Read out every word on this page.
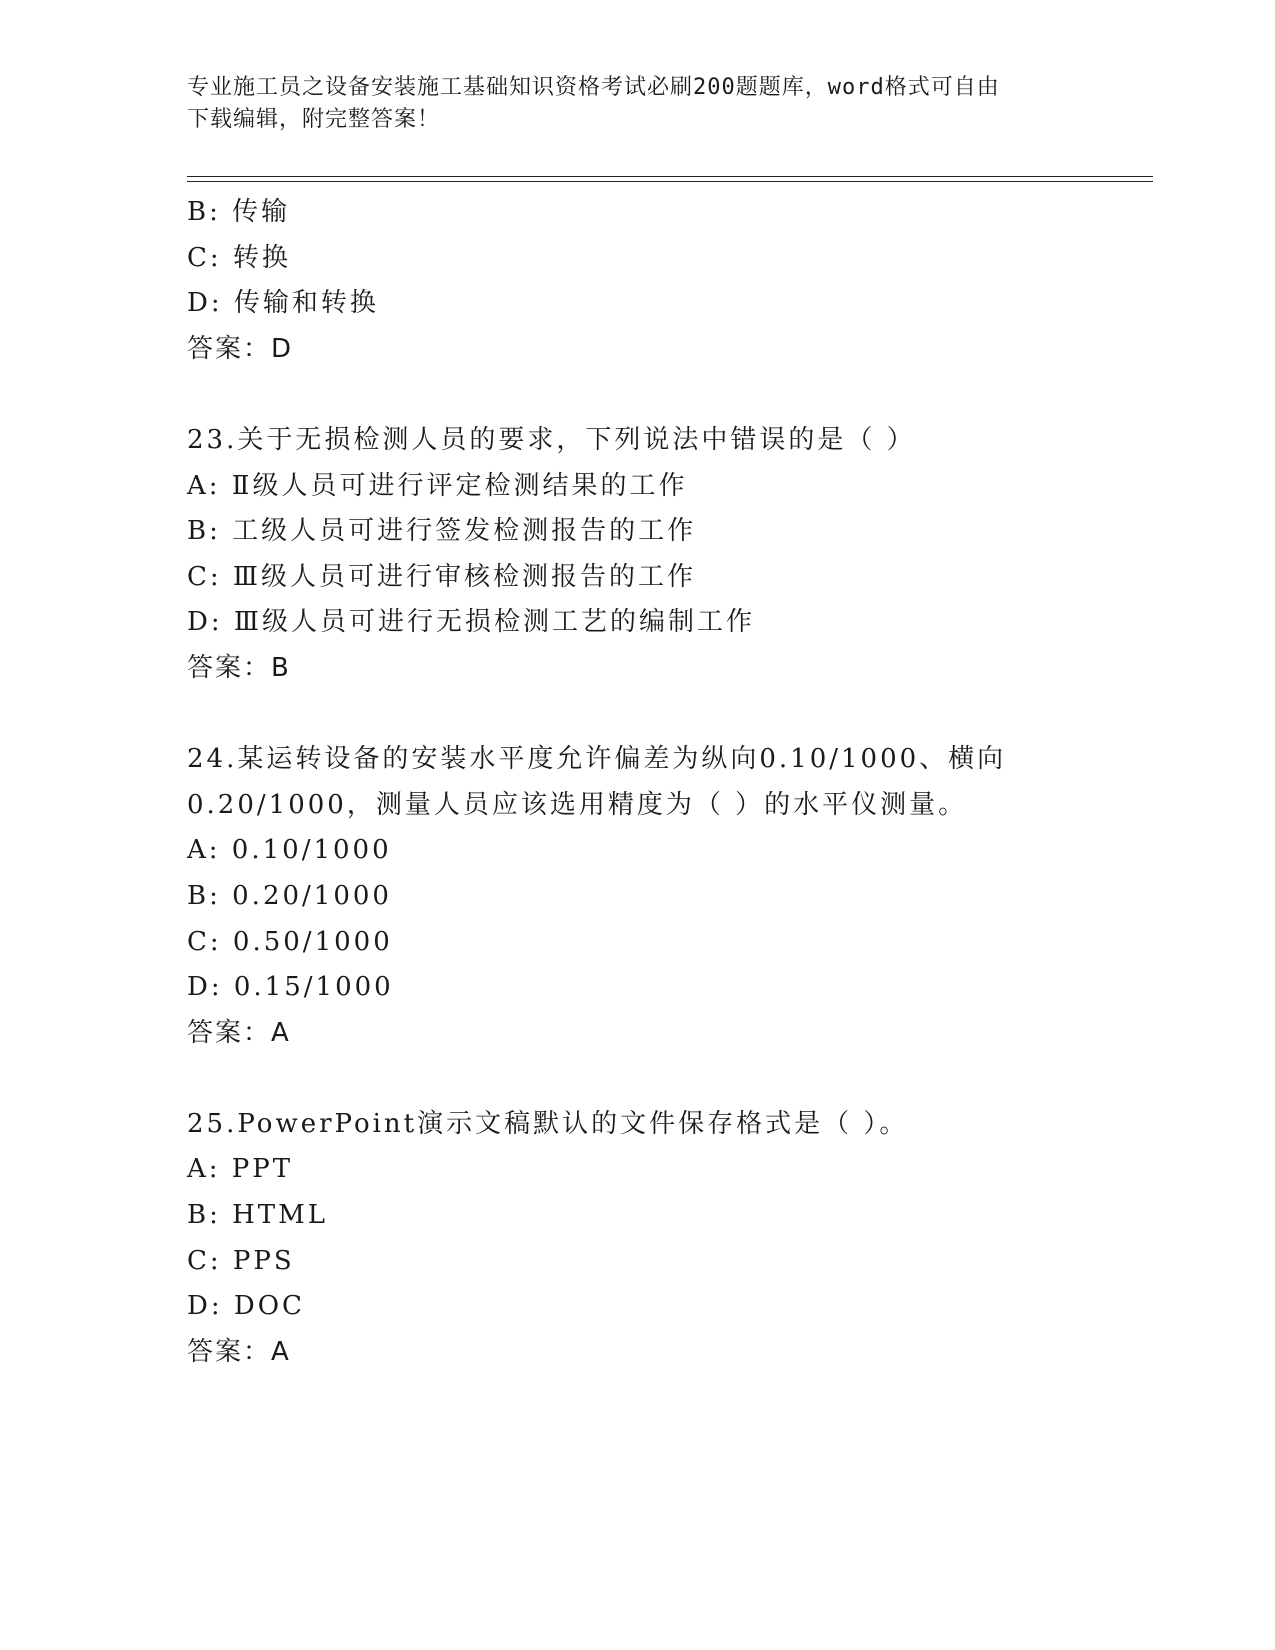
专业施工员之设备安装施工基础知识资格考试必刷200题题库，word格式可自由
下载编辑，附完整答案！
B: 传输
C: 转换
D: 传输和转换
答案：D
23.关于无损检测人员的要求，下列说法中错误的是（ ）
A: Ⅱ级人员可进行评定检测结果的工作
B: 工级人员可进行签发检测报告的工作
C: Ⅲ级人员可进行审核检测报告的工作
D: Ⅲ级人员可进行无损检测工艺的编制工作
答案：B
24.某运转设备的安装水平度允许偏差为纵向0.10/1000、横向
0.20/1000，测量人员应该选用精度为（ ）的水平仪测量。
A: 0.10/1000
B: 0.20/1000
C: 0.50/1000
D: 0.15/1000
答案：A
25.PowerPoint演示文稿默认的文件保存格式是（ ）。
A: PPT
B: HTML
C: PPS
D: DOC
答案：A
